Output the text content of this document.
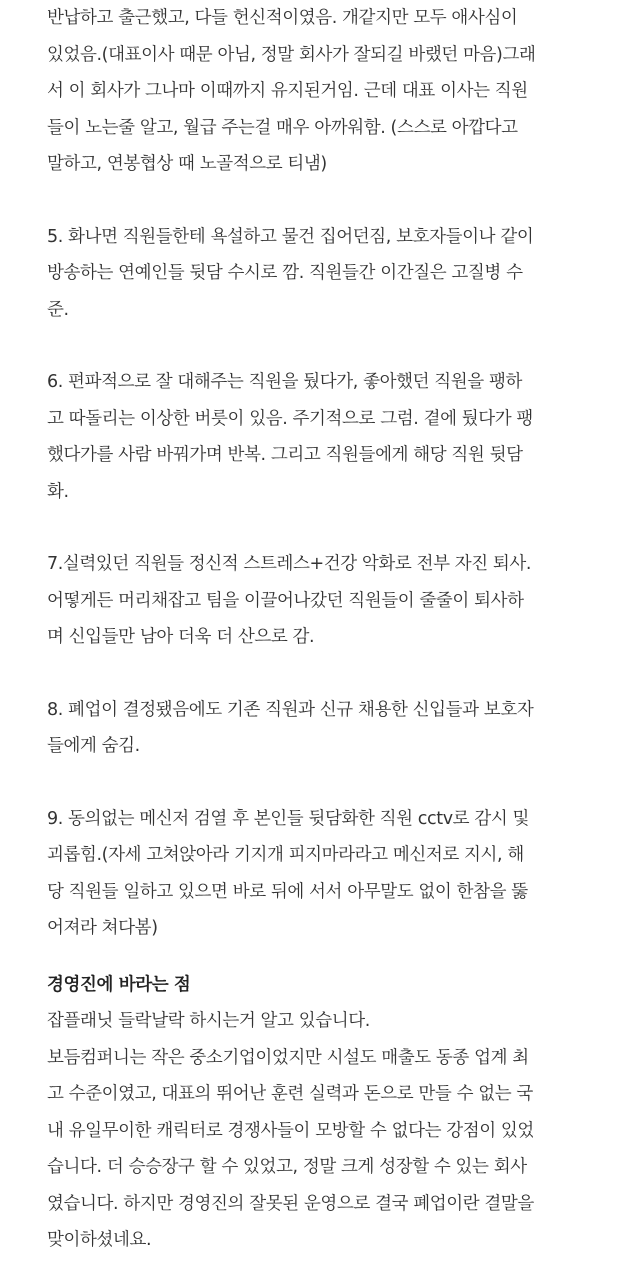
반납하고 출근했고, 다들 헌신적이였음. 개같지만 모두 애사심이
있었음.(대표이사 때문 아님, 정말 회사가 잘되길 바랬던 마음)그래
서 이 회사가 그나마 이때까지 유지된거임. 근데 대표 이사는 직원
들이 노는줄 알고, 월급 주는걸 매우 아까워함. (스스로 아깝다고
말하고, 연봉협상 때 노골적으로 티냄)
5. 화나면 직원들한테 욕설하고 물건 집어던짐, 보호자들이나 같이
방송하는 연예인들 뒷담 수시로 깜. 직원들간 이간질은 고질병 수
준.
6. 편파적으로 잘 대해주는 직원을 뒀다가, 좋아했던 직원을 팽하
고 따돌리는 이상한 버릇이 있음. 주기적으로 그럼. 곁에 뒀다가 팽
했다가를 사람 바꿔가며 반복. 그리고 직원들에게 해당 직원 뒷담
화.
7.실력있던 직원들 정신적 스트레스+건강 악화로 전부 자진 퇴사.
어떻게든 머리채잡고 팀을 이끌어나갔던 직원들이 줄줄이 퇴사하
며 신입들만 남아 더욱 더 산으로 감.
8. 폐업이 결정됐음에도 기존 직원과 신규 채용한 신입들과 보호자
들에게 숨김.
9. 동의없는 메신저 검열 후 본인들 뒷담화한 직원 cctv로 감시 및
괴롭힘.(자세 고쳐앉아라 기지개 피지마라라고 메신저로 지시, 해
당 직원들 일하고 있으면 바로 뒤에 서서 아무말도 없이 한참을 뚫
어져라 쳐다봄)
경영진에 바라는 점
잡플래닛 들락날락 하시는거 알고 있습니다.
보듬컴퍼니는 작은 중소기업이었지만 시설도 매출도 동종 업계 최
고 수준이였고, 대표의 뛰어난 훈련 실력과 돈으로 만들 수 없는 국
내 유일무이한 캐릭터로 경쟁사들이 모방할 수 없다는 강점이 있었
습니다. 더 승승장구 할 수 있었고, 정말 크게 성장할 수 있는 회사
였습니다. 하지만 경영진의 잘못된 운영으로 결국 폐업이란 결말을
맞이하셨네요.
